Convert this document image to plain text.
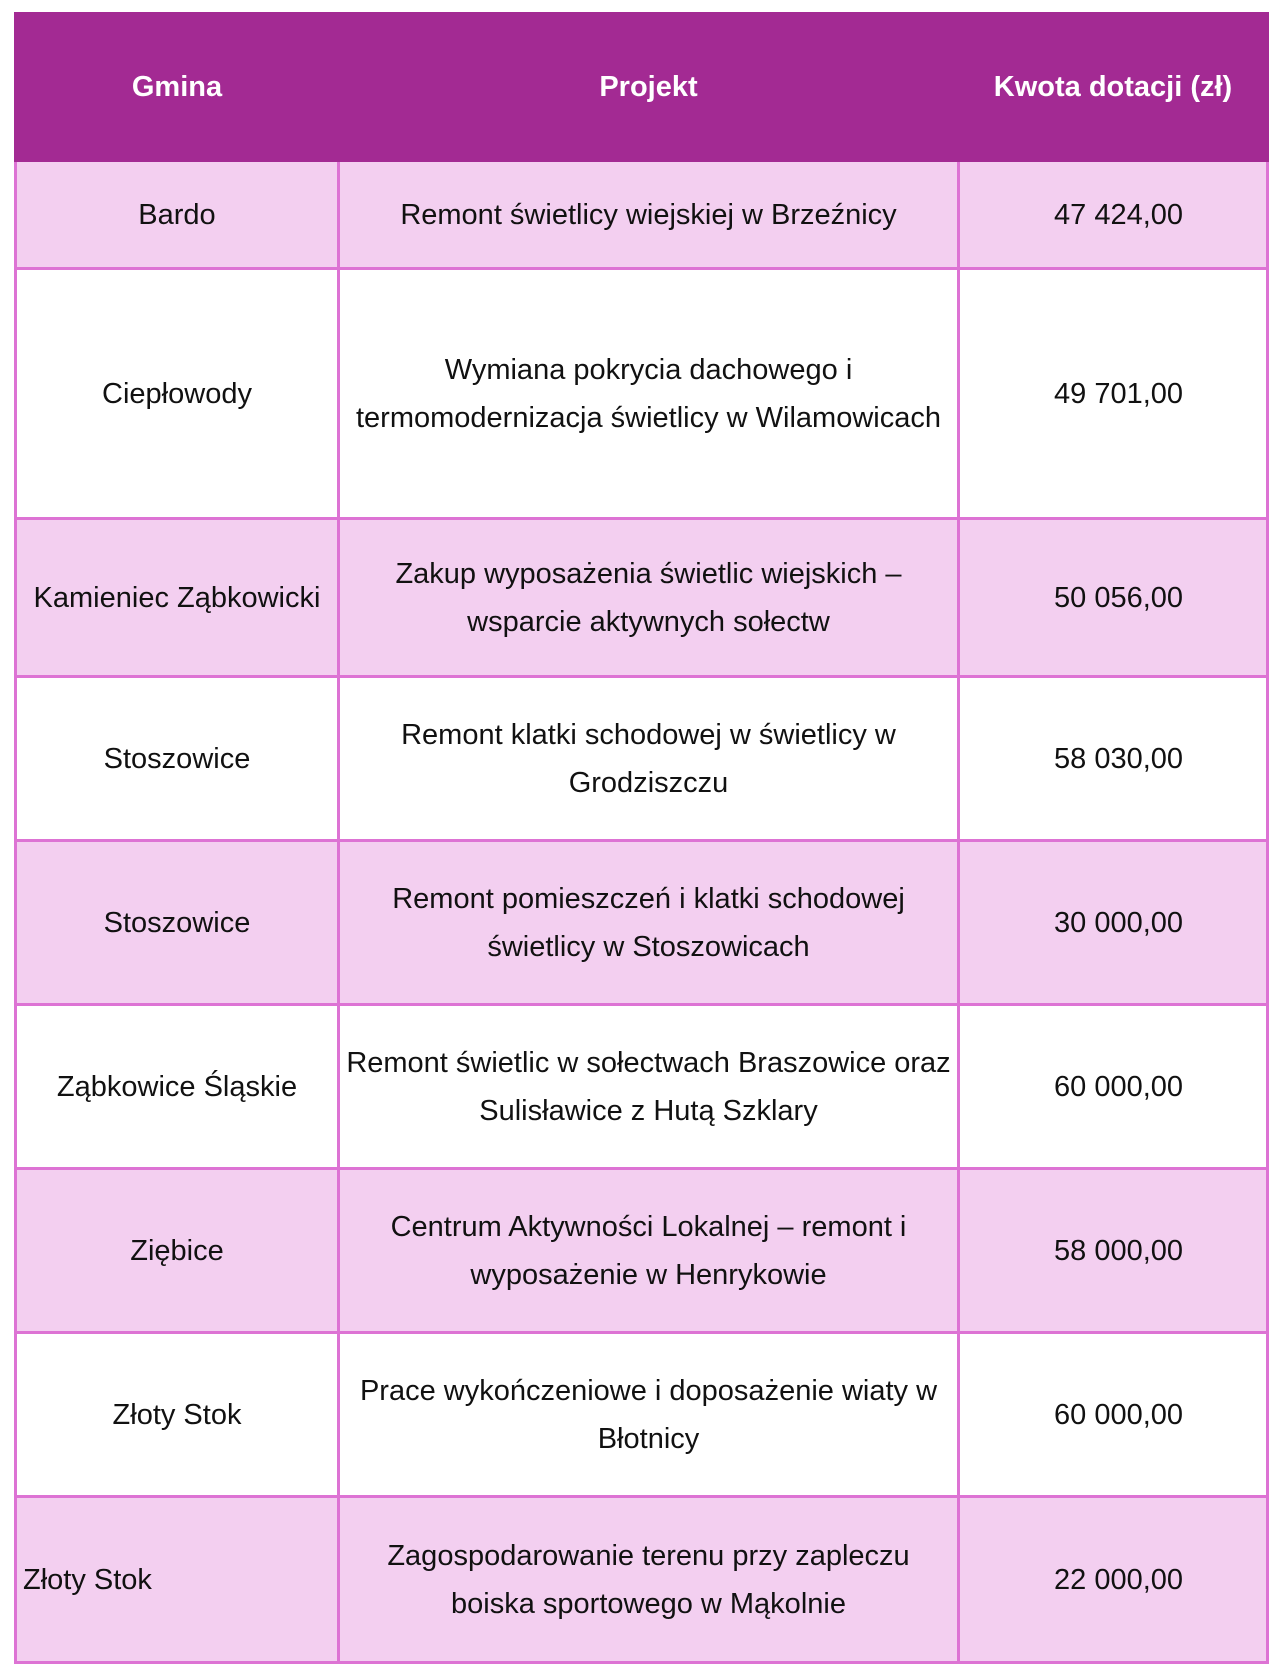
Gmina	Projekt	Kwota dotacji (zł)
Bardo	Remont świetlicy wiejskiej w Brzeźnicy	47 424,00
Ciepłowody	Wymiana pokrycia dachowego i termomodernizacja świetlicy w Wilamowicach	49 701,00
Kamieniec Ząbkowicki	Zakup wyposażenia świetlic wiejskich – wsparcie aktywnych sołectw	50 056,00
Stoszowice	Remont klatki schodowej w świetlicy w Grodziszczu	58 030,00
Stoszowice	Remont pomieszczeń i klatki schodowej świetlicy w Stoszowicach	30 000,00
Ząbkowice Śląskie	Remont świetlic w sołectwach Braszowice oraz Sulisławice z Hutą Szklary	60 000,00
Ziębice	Centrum Aktywności Lokalnej – remont i wyposażenie w Henrykowie	58 000,00
Złoty Stok	Prace wykończeniowe i doposażenie wiaty w Błotnicy	60 000,00
Złoty Stok	Zagospodarowanie terenu przy zapleczu boiska sportowego w Mąkolnie	22 000,00
